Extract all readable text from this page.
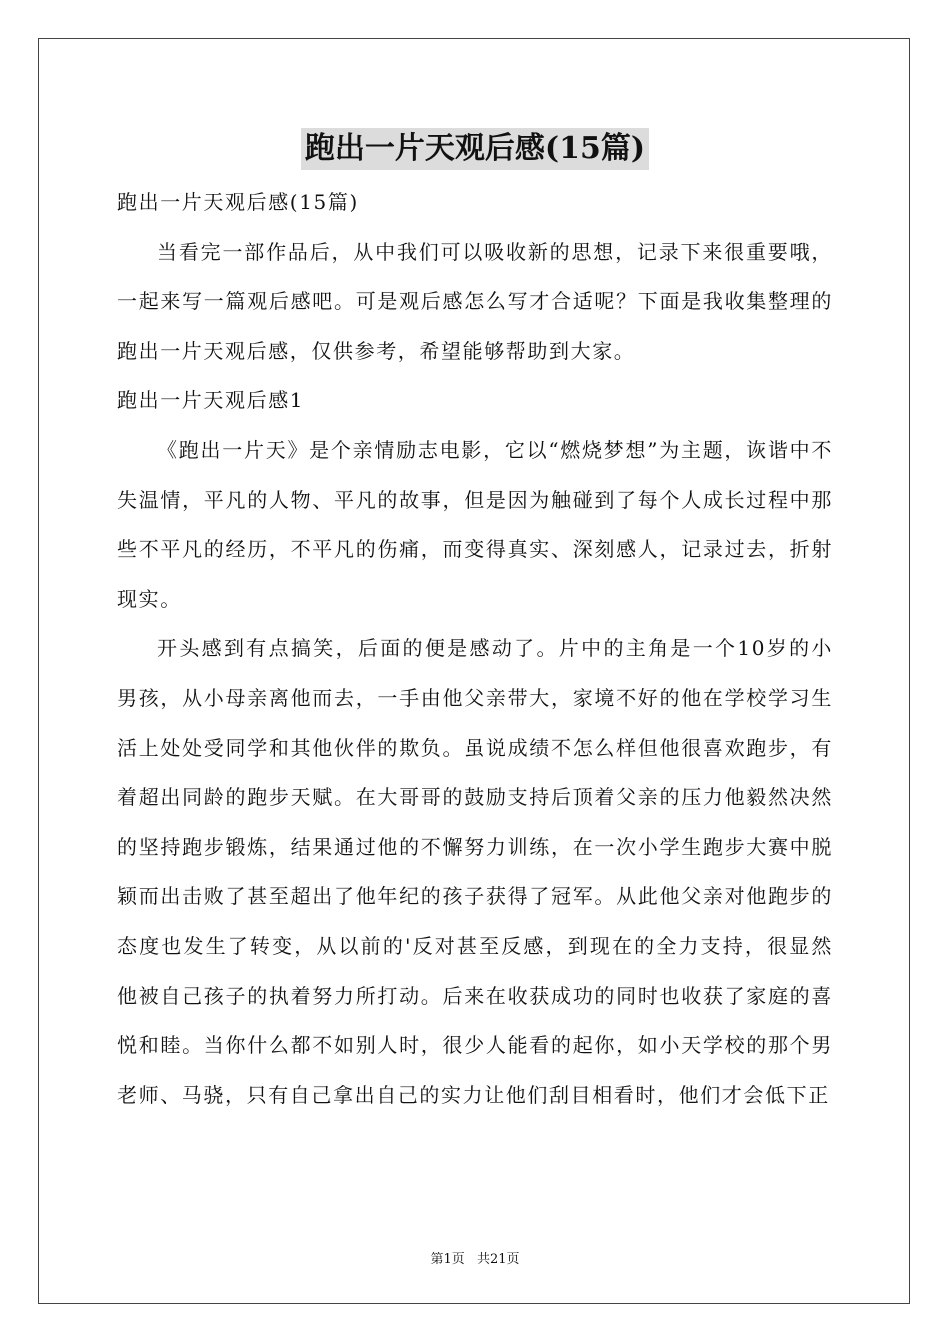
跑出一片天观后感(15篇)

跑出一片天观后感(15篇)

当看完一部作品后，从中我们可以吸收新的思想，记录下来很重要哦，一起来写一篇观后感吧。可是观后感怎么写才合适呢？下面是我收集整理的跑出一片天观后感，仅供参考，希望能够帮助到大家。

跑出一片天观后感1

《跑出一片天》是个亲情励志电影，它以“燃烧梦想”为主题，诙谐中不失温情，平凡的人物、平凡的故事，但是因为触碰到了每个人成长过程中那些不平凡的经历，不平凡的伤痛，而变得真实、深刻感人，记录过去，折射现实。

开头感到有点搞笑，后面的便是感动了。片中的主角是一个10岁的小男孩，从小母亲离他而去，一手由他父亲带大，家境不好的他在学校学习生活上处处受同学和其他伙伴的欺负。虽说成绩不怎么样但他很喜欢跑步，有着超出同龄的跑步天赋。在大哥哥的鼓励支持后顶着父亲的压力他毅然决然的坚持跑步锻炼，结果通过他的不懈努力训练，在一次小学生跑步大赛中脱颖而出击败了甚至超出了他年纪的孩子获得了冠军。从此他父亲对他跑步的态度也发生了转变，从以前的'反对甚至反感，到现在的全力支持，很显然他被自己孩子的执着努力所打动。后来在收获成功的同时也收获了家庭的喜悦和睦。当你什么都不如别人时，很少人能看的起你，如小天学校的那个男老师、马骁，只有自己拿出自己的实力让他们刮目相看时，他们才会低下正

第1页 共21页
